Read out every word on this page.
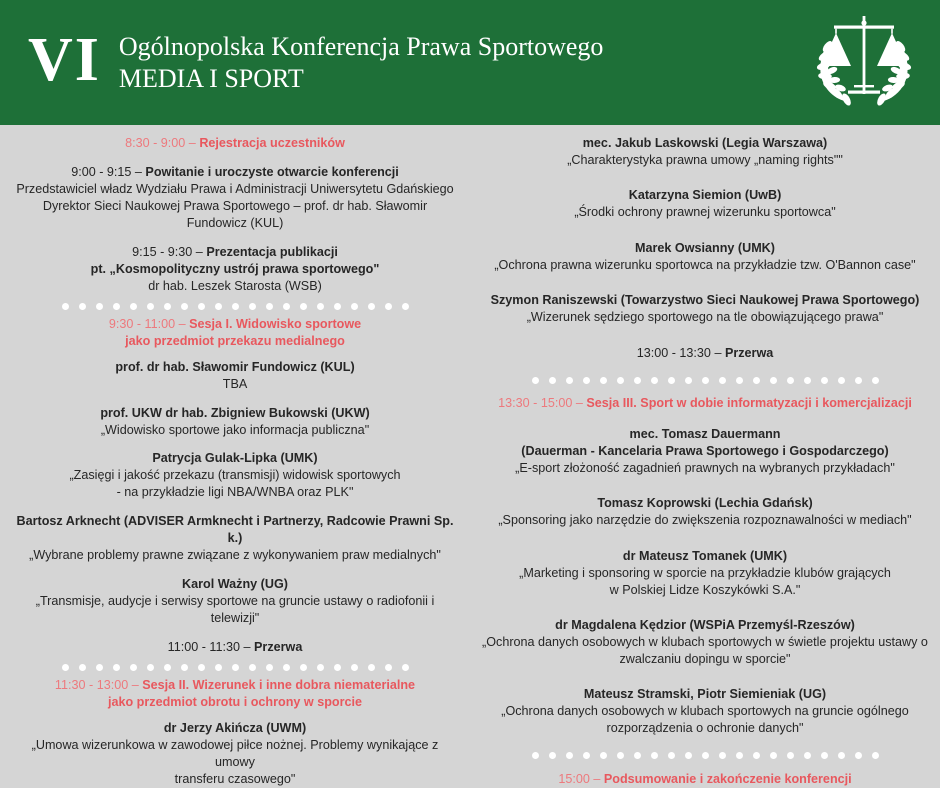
VI Ogólnopolska Konferencja Prawa Sportowego
MEDIA I SPORT
8:30 - 9:00 – Rejestracja uczestników
9:00 - 9:15 – Powitanie i uroczyste otwarcie konferencji
Przedstawiciel władz Wydziału Prawa i Administracji Uniwersytetu Gdańskiego
Dyrektor Sieci Naukowej Prawa Sportowego – prof. dr hab. Sławomir Fundowicz (KUL)
9:15 - 9:30 – Prezentacja publikacji
pt. „Kosmopolityczny ustrój prawa sportowego"
dr hab. Leszek Starosta (WSB)
9:30 - 11:00 – Sesja I. Widowisko sportowe
jako przedmiot przekazu medialnego
prof. dr hab. Sławomir Fundowicz (KUL)
TBA
prof. UKW dr hab. Zbigniew Bukowski (UKW)
„Widowisko sportowe jako informacja publiczna"
Patrycja Gulak-Lipka (UMK)
„Zasięgi i jakość przekazu (transmisji) widowisk sportowych
- na przykładzie ligi NBA/WNBA oraz PLK"
Bartosz Arknecht (ADVISER Armknecht i Partnerzy, Radcowie Prawni Sp. k.)
„Wybrane problemy prawne związane z wykonywaniem praw medialnych"
Karol Ważny (UG)
„Transmisje, audycje i serwisy sportowe na gruncie ustawy o radiofonii i telewizji"
11:00 - 11:30 – Przerwa
11:30 - 13:00 – Sesja II. Wizerunek i inne dobra niematerialne
jako przedmiot obrotu i ochrony w sporcie
dr Jerzy Akińcza (UWM)
„Umowa wizerunkowa w zawodowej piłce nożnej. Problemy wynikające z umowy
transferu czasowego"
mec. Jakub Laskowski (Legia Warszawa)
„Charakterystyka prawna umowy „naming rights""
Katarzyna Siemion (UwB)
„Środki ochrony prawnej wizerunku sportowca"
Marek Owsianny (UMK)
„Ochrona prawna wizerunku sportowca na przykładzie tzw. O'Bannon case"
Szymon Raniszewski (Towarzystwo Sieci Naukowej Prawa Sportowego)
„Wizerunek sędziego sportowego na tle obowiązującego prawa"
13:00 - 13:30 – Przerwa
13:30 - 15:00 – Sesja III. Sport w dobie informatyzacji i komercjalizacji
mec. Tomasz Dauermann
(Dauerman - Kancelaria Prawa Sportowego i Gospodarczego)
„E-sport złożoność zagadnień prawnych na wybranych przykładach"
Tomasz Koprowski (Lechia Gdańsk)
„Sponsoring jako narzędzie do zwiększenia rozpoznawalności w mediach"
dr Mateusz Tomanek (UMK)
„Marketing i sponsoring w sporcie na przykładzie klubów grających
w Polskiej Lidze Koszykówki S.A."
dr Magdalena Kędzior (WSPiA Przemyśl-Rzeszów)
„Ochrona danych osobowych w klubach sportowych w świetle projektu ustawy o
zwalczaniu dopingu w sporcie"
Mateusz Stramski, Piotr Siemieniak (UG)
„Ochrona danych osobowych w klubach sportowych na gruncie ogólnego
rozporządzenia o ochronie danych"
15:00 – Podsumowanie i zakończenie konferencji
